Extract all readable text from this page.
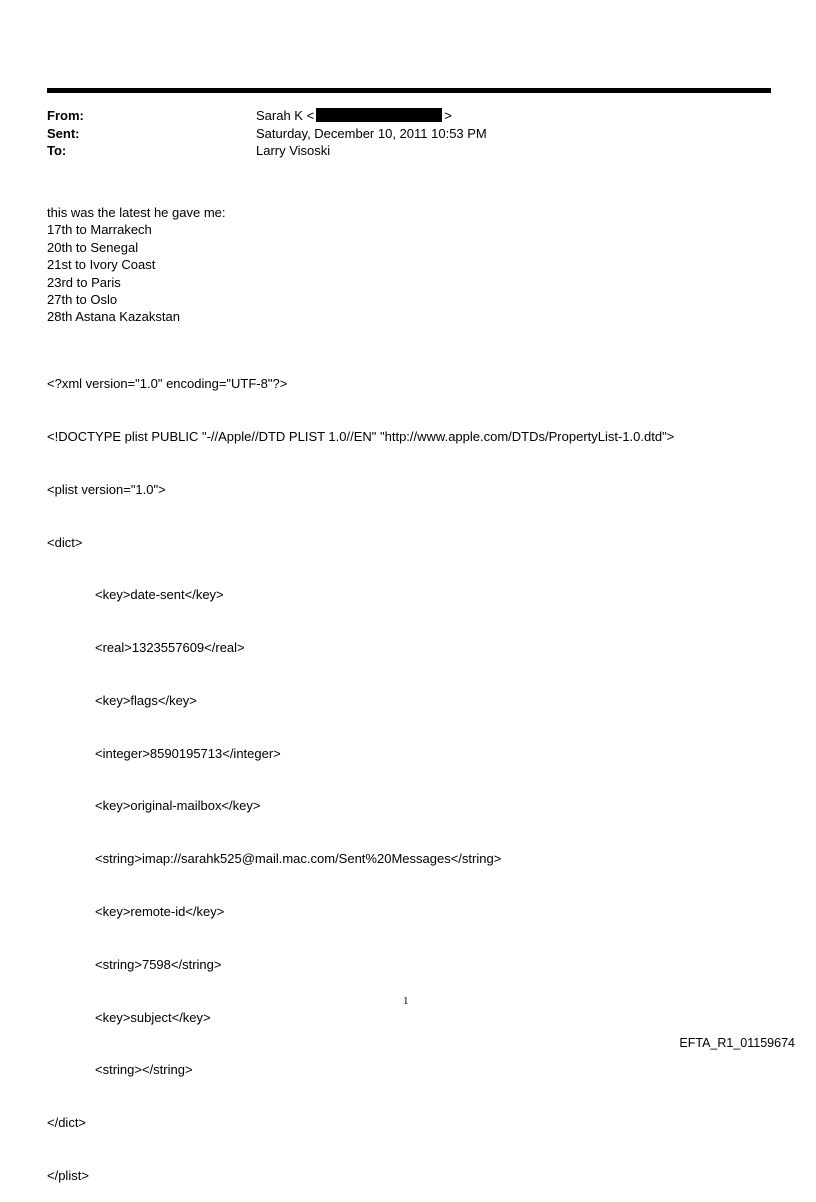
From:	Sarah K <	>
Sent:	Saturday, December 10, 2011 10:53 PM
To:	Larry Visoski
this was the latest he gave me:
17th to Marrakech
20th to Senegal
21st to Ivory Coast
23rd to Paris
27th to Oslo
28th Astana Kazakstan

<?xml version="1.0" encoding="UTF-8"?>

<!DOCTYPE plist PUBLIC "-//Apple//DTD PLIST 1.0//EN" "http://www.apple.com/DTDs/PropertyList-1.0.dtd">

<plist version="1.0">

<dict>

<key>date-sent</key>

<real>1323557609</real>

<key>flags</key>

<integer>8590195713</integer>

<key>original-mailbox</key>

<string>imap://sarahk525@mail.mac.com/Sent%20Messages</string>

<key>remote-id</key>

<string>7598</string>

<key>subject</key>

<string></string>

</dict>

</plist>

1
EFTA_R1_01159674
